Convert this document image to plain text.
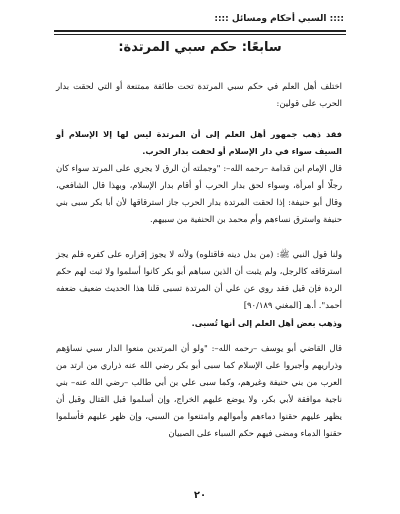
:::: السبي أحكام ومسائل ::::
سابعًا: حكم سبي المرتدة:

اختلف أهل العلم في حكم سبي المرتدة تحت طائفة ممتنعة أو التي لحقت بدار الحرب على قولين:

فقد ذهب جمهور أهل العلم إلى أن المرتدة ليس لها إلا الإسلام أو السيف سواء في دار الإسلام أو لحقت بدار الحرب.

قال الإمام ابن قدامة –رحمه الله–: "وجملته أن الرق لا يجري على المرتد سواء كان رجلًا أو امرأة، وسواء لحق بدار الحرب أو أقام بدار الإسلام، وبهذا قال الشافعي، وقال أبو حنيفة: إذا لحقت المرتدة بدار الحرب جاز استرقاقها لأن أبا بكر سبى بني حنيفة واسترق نساءهم وأم محمد بن الحنفية من سبيهم.

ولنا قول النبي ﷺ: (من بدل دينه فاقتلوه) ولأنه لا يجوز إقراره على كفره فلم يجز استرقاقه كالرجل، ولم يثبت أن الذين سباهم أبو بكر كانوا أسلموا ولا ثبت لهم حكم الردة فإن قيل فقد روي عن علي أن المرتدة تسبى قلنا هذا الحديث ضعيف ضعفه أحمد". أ.هـ [المغني ٩٠/١٨٩]

وذهب بعض أهل العلم إلى أنها تُسبى.

قال القاضي أبو يوسف –رحمه الله–: "ولو أن المرتدين منعوا الدار سبي نساؤهم وذراريهم وأجبروا على الإسلام كما سبى أبو بكر رضي الله عنه ذراري من ارتد من العرب من بني حنيفة وغيرهم، وكما سبى علي بن أبي طالب –رضي الله عنه– بني ناجية موافقة لأبي بكر، ولا يوضع عليهم الخراج، وإن أسلموا قبل القتال وقبل أن يظهر عليهم حقنوا دماءهم وأموالهم وامتنعوا من السبي، وإن ظهر عليهم فأسلموا حقنوا الدماء ومضى فيهم حكم السباء على الصبيان

٢٠
